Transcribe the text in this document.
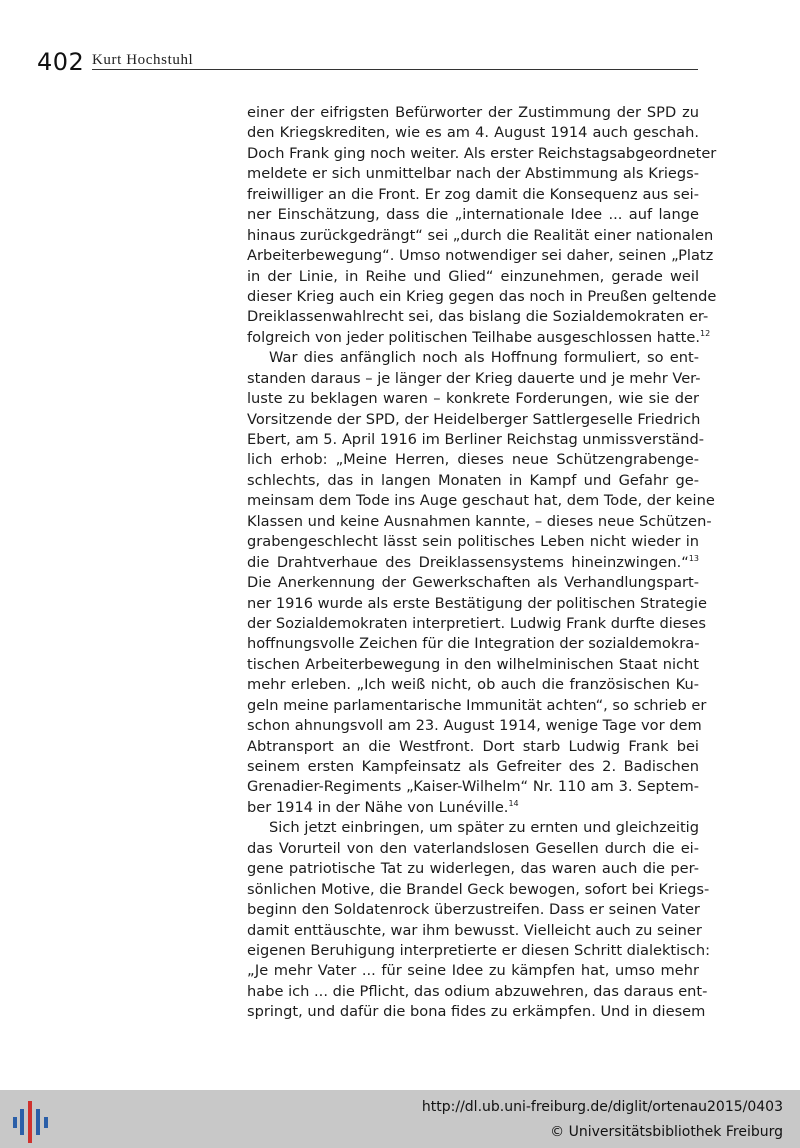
402 Kurt Hochstuhl
einer der eifrigsten Befürworter der Zustimmung der SPD zu
den Kriegskrediten, wie es am 4. August 1914 auch geschah.
Doch Frank ging noch weiter. Als erster Reichstagsabgeordneter
meldete er sich unmittelbar nach der Abstimmung als Kriegs-
freiwilliger an die Front. Er zog damit die Konsequenz aus sei-
ner Einschätzung, dass die „internationale Idee ... auf lange
hinaus zurückgedrängt“ sei „durch die Realität einer nationalen
Arbeiterbewegung“. Umso notwendiger sei daher, seinen „Platz
in der Linie, in Reihe und Glied“ einzunehmen, gerade weil
dieser Krieg auch ein Krieg gegen das noch in Preußen geltende
Dreiklassenwahlrecht sei, das bislang die Sozialdemokraten er-
folgreich von jeder politischen Teilhabe ausgeschlossen hatte.$^{12}$
War dies anfänglich noch als Hoffnung formuliert, so ent-
standen daraus – je länger der Krieg dauerte und je mehr Ver-
luste zu beklagen waren – konkrete Forderungen, wie sie der
Vorsitzende der SPD, der Heidelberger Sattlergeselle Friedrich
Ebert, am 5. April 1916 im Berliner Reichstag unmissverständ-
lich erhob: „Meine Herren, dieses neue Schützengrabenge-
schlechts, das in langen Monaten in Kampf und Gefahr ge-
meinsam dem Tode ins Auge geschaut hat, dem Tode, der keine
Klassen und keine Ausnahmen kannte, – dieses neue Schützen-
grabengeschlecht lässt sein politisches Leben nicht wieder in
die Drahtverhaue des Dreiklassensystems hineinzwingen.“$^{13}$
Die Anerkennung der Gewerkschaften als Verhandlungspart-
ner 1916 wurde als erste Bestätigung der politischen Strategie
der Sozialdemokraten interpretiert. Ludwig Frank durfte dieses
hoffnungsvolle Zeichen für die Integration der sozialdemokra-
tischen Arbeiterbewegung in den wilhelminischen Staat nicht
mehr erleben. „Ich weiß nicht, ob auch die französischen Ku-
geln meine parlamentarische Immunität achten“, so schrieb er
schon ahnungsvoll am 23. August 1914, wenige Tage vor dem
Abtransport an die Westfront. Dort starb Ludwig Frank bei
seinem ersten Kampfeinsatz als Gefreiter des 2. Badischen
Grenadier-Regiments „Kaiser-Wilhelm“ Nr. 110 am 3. Septem-
ber 1914 in der Nähe von Lunéville.$^{14}$
Sich jetzt einbringen, um später zu ernten und gleichzeitig
das Vorurteil von den vaterlandslosen Gesellen durch die ei-
gene patriotische Tat zu widerlegen, das waren auch die per-
sönlichen Motive, die Brandel Geck bewogen, sofort bei Kriegs-
beginn den Soldatenrock überzustreifen. Dass er seinen Vater
damit enttäuschte, war ihm bewusst. Vielleicht auch zu seiner
eigenen Beruhigung interpretierte er diesen Schritt dialektisch:
„Je mehr Vater ... für seine Idee zu kämpfen hat, umso mehr
habe ich ... die Pflicht, das odium abzuwehren, das daraus ent-
springt, und dafür die bona fides zu erkämpfen. Und in diesem
http://dl.ub.uni-freiburg.de/diglit/ortenau2015/0403
© Universitätsbibliothek Freiburg
